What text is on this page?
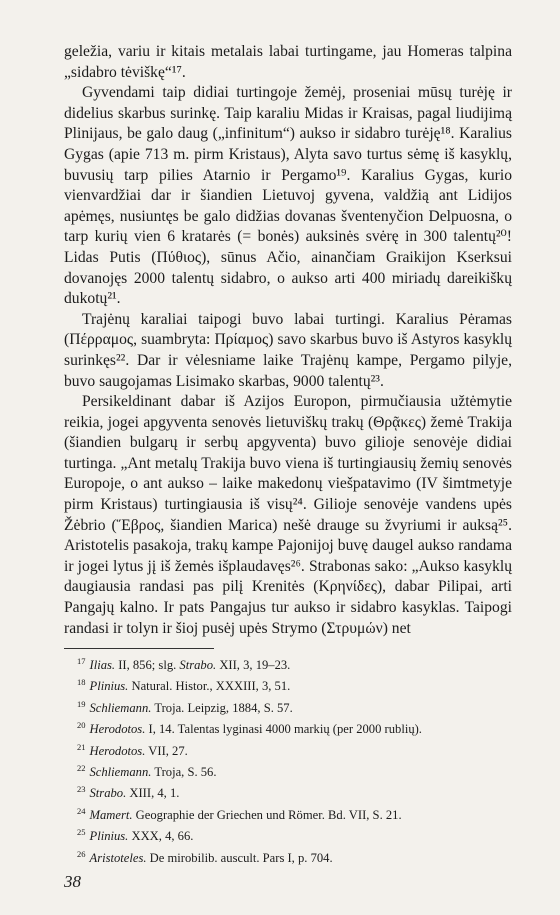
geležia, variu ir kitais metalais labai turtingame, jau Homeras talpina „sidabro tėviškę“¹⁷.

Gyvendami taip didiai turtingoje žemėj, proseniai mūsų turėję ir didelius skarbus surinkę. Taip karaliu Midas ir Kraisas, pagal liudijimą Plinijaus, be galo daug („infinitum“) aukso ir sidabro turėję¹⁸. Karalius Gygas (apie 713 m. pirm Kristaus), Alyta savo turtus sėmę iš kasyklų, buvusių tarp pilies Atarnio ir Pergamo¹⁹. Karalius Gygas, kurio vienvardžiai dar ir šiandien Lietuvoj gyvena, valdžią ant Lidijos apėmęs, nusiuntęs be galo didžias dovanas šventenyčion Delpuosna, o tarp kurių vien 6 kratarės (= bonės) auksinės svėrę in 300 talentų²⁰! Lidas Putis (Πύθιος), sūnus Ačio, ainančiam Graikijon Kserksui dovanojęs 2000 talentų sidabro, o aukso arti 400 miriadų dareikiškų dukotų²¹.

Trajėnų karaliai taipogi buvo labai turtingi. Karalius Pėramas (Πέρραμος, suambryta: Πρίαμος) savo skarbus buvo iš Astyros kasyklų surinkęs²². Dar ir vėlesniame laike Trajėnų kampe, Pergamo pilyje, buvo saugojamas Lisimako skarbas, 9000 talentų²³.

Persikeldinant dabar iš Azijos Europon, pirmučiausia užtėmytie reikia, jogei apgyventa senovės lietuviškų trakų (Θρᾷκες) žemė Trakija (šiandien bulgarų ir serbų apgyventa) buvo gilioje senovėje didiai turtinga. „Ant metalų Trakija buvo viena iš turtingiausių žemių senovės Europoje, o ant aukso – laike makedonų viešpatavimo (IV šimtmetyje pirm Kristaus) turtingiausia iš visų²⁴. Gilioje senovėje vandens upės Žėbrio (Ἕβρος, šiandien Marica) nešė drauge su žvyriumi ir auksą²⁵. Aristotelis pasakoja, trakų kampe Pajonijoj buvę daugel aukso randama ir jogei lytus jį iš žemės išplaudavęs²⁶. Strabonas sako: „Aukso kasyklų daugiausia randasi pas pilį Krenitės (Κρηνίδες), dabar Pilipai, arti Pangajų kalno. Ir pats Pangajus tur aukso ir sidabro kasyklas. Taipogi randasi ir tolyn ir šioj pusėj upės Strymo (Στρυμών) net

$^{17}$ Ilias. II, 856; slg. Strabo. XII, 3, 19–23.
$^{18}$ Plinius. Natural. Histor., XXXIII, 3, 51.
$^{19}$ Schliemann. Troja. Leipzig, 1884, S. 57.
$^{20}$ Herodotos. I, 14. Talentas lyginasi 4000 markių (per 2000 rublių).
$^{21}$ Herodotos. VII, 27.
$^{22}$ Schliemann. Troja, S. 56.
$^{23}$ Strabo. XIII, 4, 1.
$^{24}$ Mamert. Geographie der Griechen und Römer. Bd. VII, S. 21.
$^{25}$ Plinius. XXX, 4, 66.
$^{26}$ Aristoteles. De mirobilib. auscult. Pars I, p. 704.
38
